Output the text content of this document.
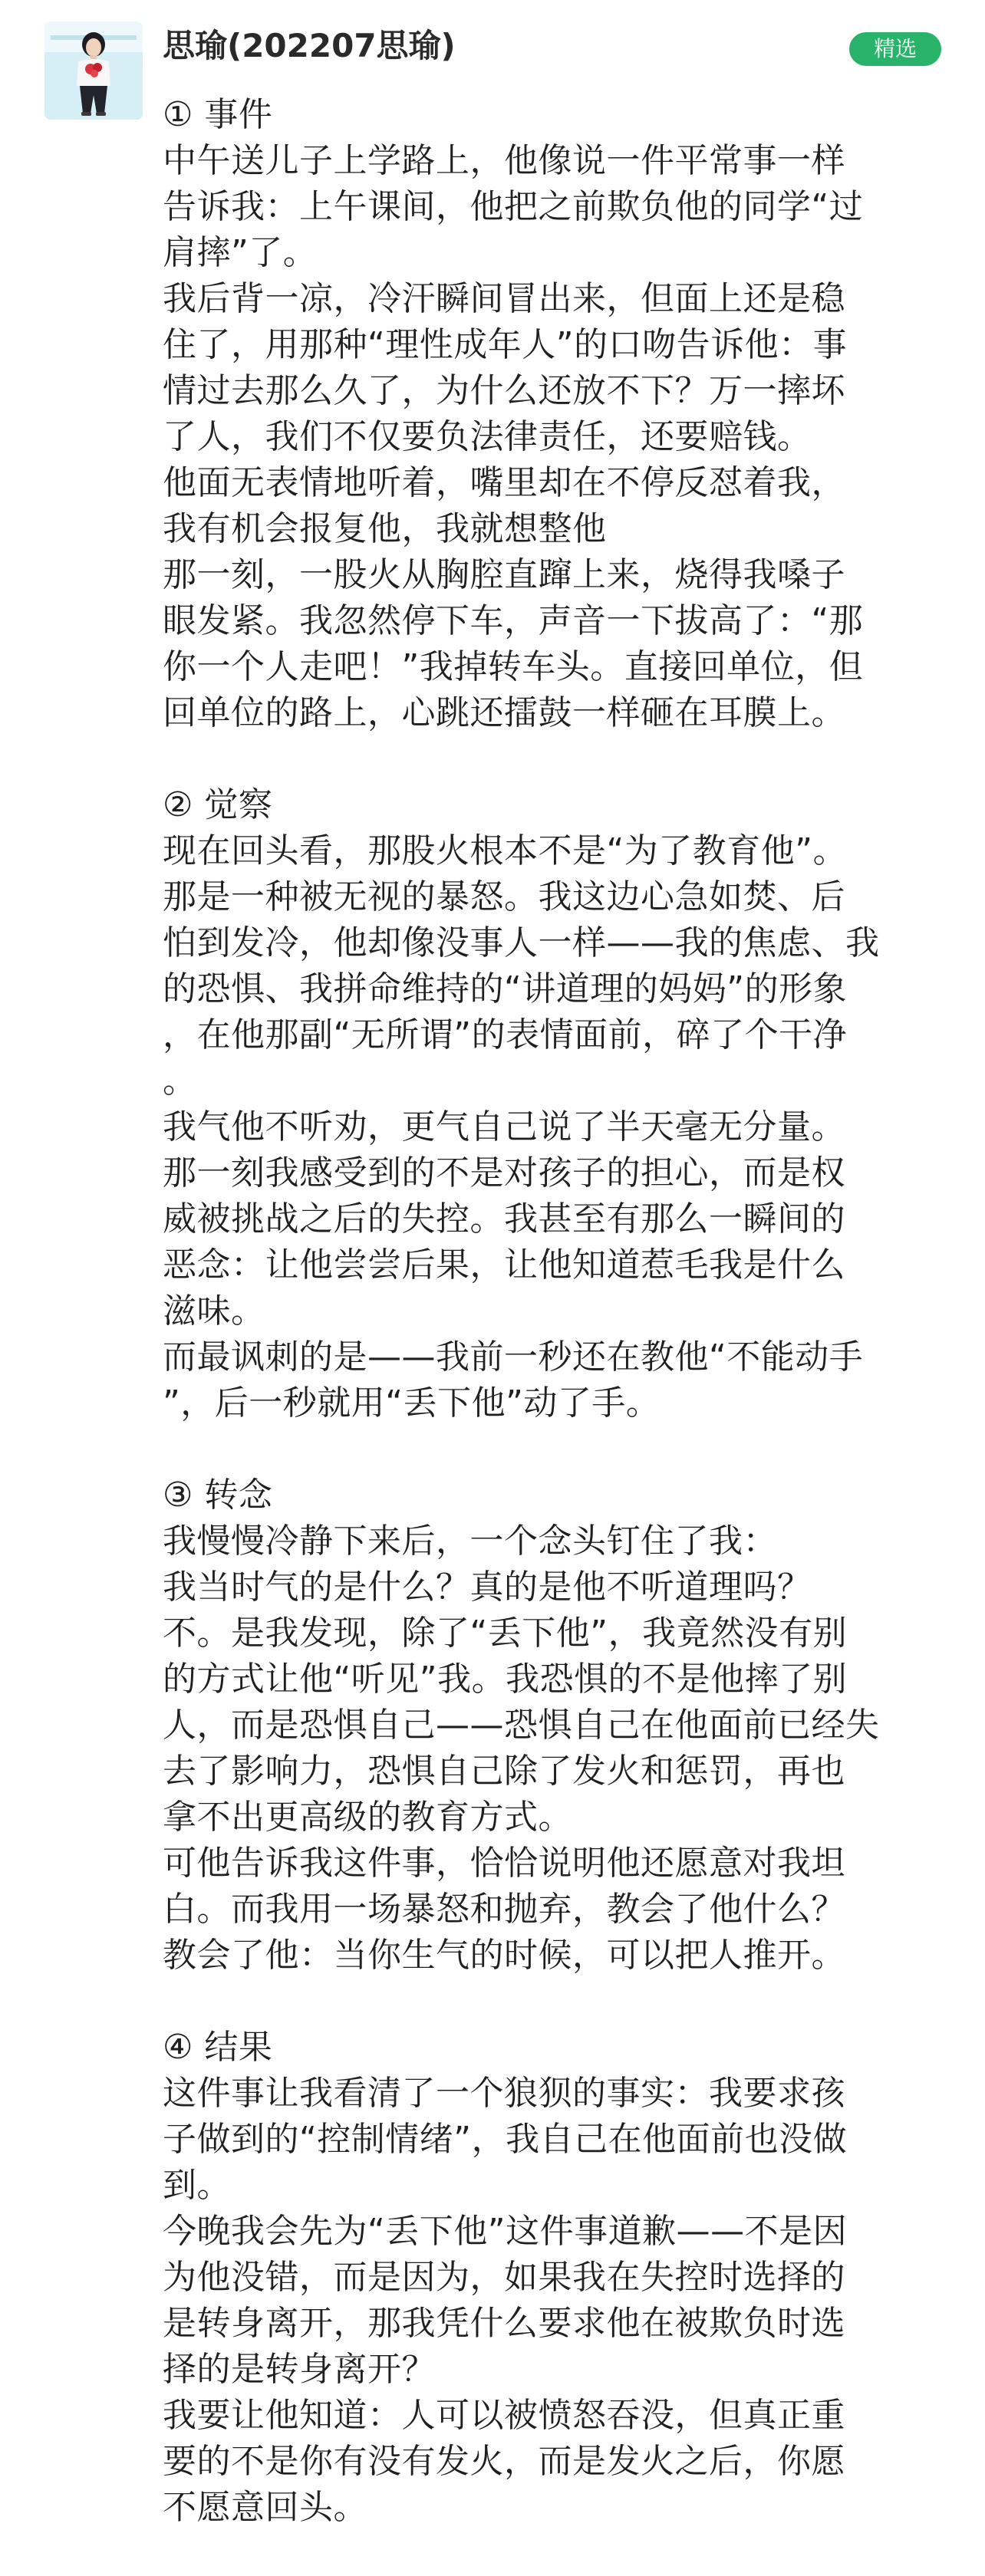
思瑜(202207思瑜)	精选
① 事件
中午送儿子上学路上，他像说一件平常事一样
告诉我：上午课间，他把之前欺负他的同学“过
肩摔”了。
我后背一凉，冷汗瞬间冒出来，但面上还是稳
住了，用那种“理性成年人”的口吻告诉他：事
情过去那么久了，为什么还放不下？万一摔坏
了人，我们不仅要负法律责任，还要赔钱。
他面无表情地听着，嘴里却在不停反怼着我，
我有机会报复他，我就想整他
那一刻，一股火从胸腔直蹿上来，烧得我嗓子
眼发紧。我忽然停下车，声音一下拔高了：“那
你一个人走吧！”我掉转车头。直接回单位，但
回单位的路上，心跳还擂鼓一样砸在耳膜上。
② 觉察
现在回头看，那股火根本不是“为了教育他”。
那是一种被无视的暴怒。我这边心急如焚、后
怕到发冷，他却像没事人一样——我的焦虑、我
的恐惧、我拼命维持的“讲道理的妈妈”的形象
，在他那副“无所谓”的表情面前，碎了个干净
。
我气他不听劝，更气自己说了半天毫无分量。
那一刻我感受到的不是对孩子的担心，而是权
威被挑战之后的失控。我甚至有那么一瞬间的
恶念：让他尝尝后果，让他知道惹毛我是什么
滋味。
而最讽刺的是——我前一秒还在教他“不能动手
”，后一秒就用“丢下他”动了手。
③ 转念
我慢慢冷静下来后，一个念头钉住了我：
我当时气的是什么？真的是他不听道理吗？
不。是我发现，除了“丢下他”，我竟然没有别
的方式让他“听见”我。我恐惧的不是他摔了别
人，而是恐惧自己——恐惧自己在他面前已经失
去了影响力，恐惧自己除了发火和惩罚，再也
拿不出更高级的教育方式。
可他告诉我这件事，恰恰说明他还愿意对我坦
白。而我用一场暴怒和抛弃，教会了他什么？
教会了他：当你生气的时候，可以把人推开。
④ 结果
这件事让我看清了一个狼狈的事实：我要求孩
子做到的“控制情绪”，我自己在他面前也没做
到。
今晚我会先为“丢下他”这件事道歉——不是因
为他没错，而是因为，如果我在失控时选择的
是转身离开，那我凭什么要求他在被欺负时选
择的是转身离开？
我要让他知道：人可以被愤怒吞没，但真正重
要的不是你有没有发火，而是发火之后，你愿
不愿意回头。
